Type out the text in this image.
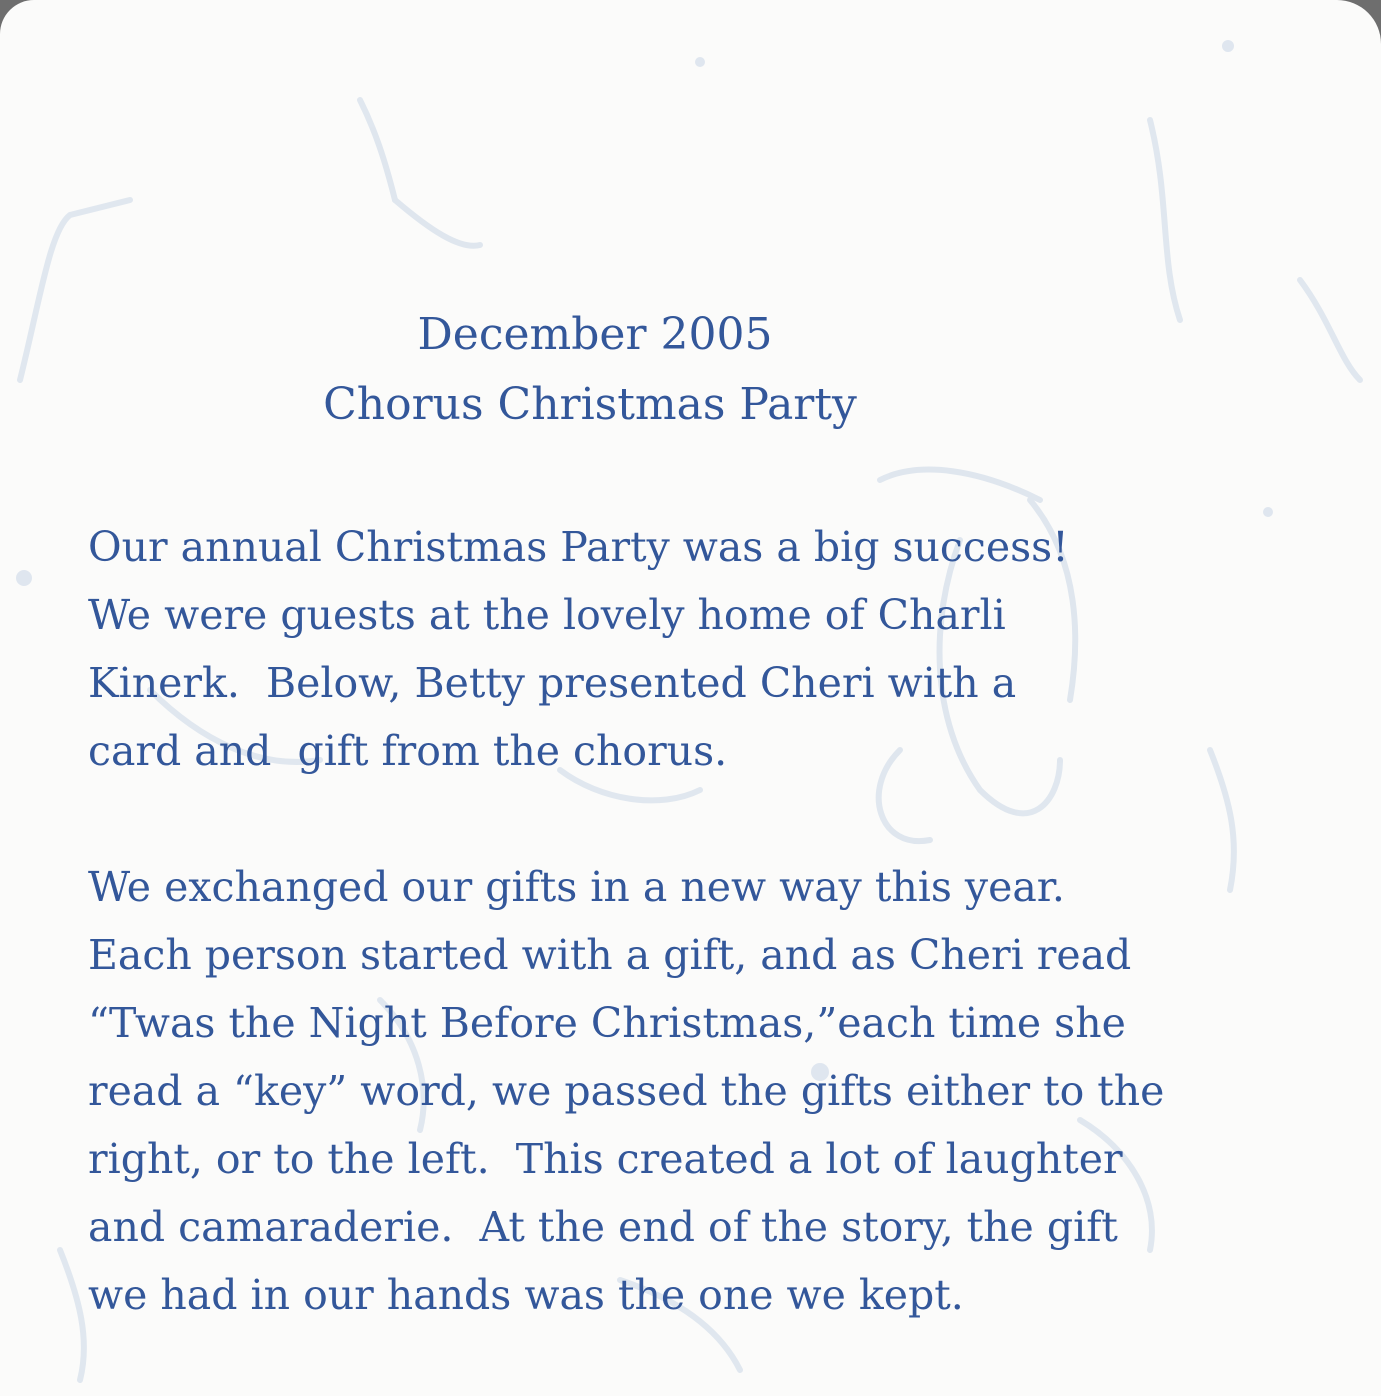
December 2005
Chorus Christmas Party
Our annual Christmas Party was a big success!
We were guests at the lovely home of Charli
Kinerk.  Below, Betty presented Cheri with a
card and  gift from the chorus.
We exchanged our gifts in a new way this year.
Each person started with a gift, and as Cheri read
“Twas the Night Before Christmas,”each time she
read a “key” word, we passed the gifts either to the
right, or to the left.  This created a lot of laughter
and camaraderie.  At the end of the story, the gift
we had in our hands was the one we kept.
